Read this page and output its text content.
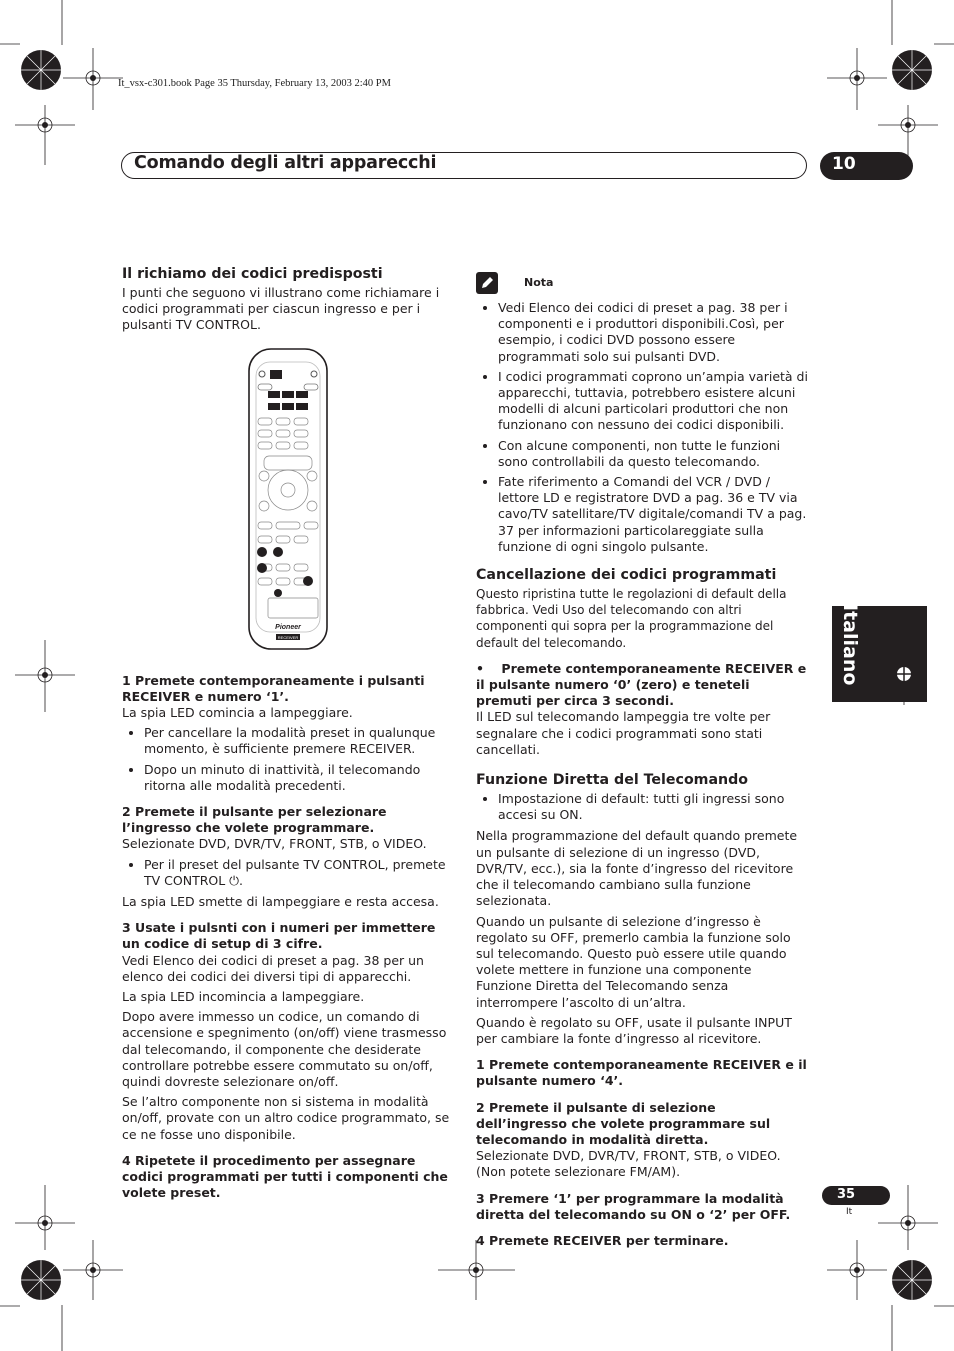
It_vsx-c301.book Page 35 Thursday, February 13, 2003 2:40 PM
Comando degli altri apparecchi	10
Italiano
Il richiamo dei codici predisposti

I punti che seguono vi illustrano come richiamare i codici programmati per ciascun ingresso e per i pulsanti TV CONTROL.

Pioneer
RECEIVER

1 Premete contemporaneamente i pulsanti RECEIVER e numero ‘1’.

La spia LED comincia a lampeggiare.

• Per cancellare la modalità preset in qualunque momento, è sufficiente premere RECEIVER.
• Dopo un minuto di inattività, il telecomando ritorna alle modalità precedenti.

2 Premete il pulsante per selezionare l’ingresso che volete programmare.

Selezionate DVD, DVR/TV, FRONT, STB, o VIDEO.

• Per il preset del pulsante TV CONTROL, premete TV CONTROL ⏻.

La spia LED smette di lampeggiare e resta accesa.

3 Usate i pulsnti con i numeri per immettere un codice di setup di 3 cifre.

Vedi Elenco dei codici di preset a pag. 38 per un elenco dei codici dei diversi tipi di apparecchi.

La spia LED incomincia a lampeggiare.

Dopo avere immesso un codice, un comando di accensione e spegnimento (on/off) viene trasmesso dal telecomando, il componente che desiderate controllare potrebbe essere commutato su on/off, quindi dovreste selezionare on/off.

Se l’altro componente non si sistema in modalità on/off, provate con un altro codice programmato, se ce ne fosse uno disponibile.

4 Ripetete il procedimento per assegnare codici programmati per tutti i componenti che volete preset.

Nota
• Vedi Elenco dei codici di preset a pag. 38 per i componenti e i produttori disponibili.Così, per esempio, i codici DVD possono essere programmati solo sui pulsanti DVD.
• I codici programmati coprono un’ampia varietà di apparecchi, tuttavia, potrebbero esistere alcuni modelli di alcuni particolari produttori che non funzionano con nessuno dei codici disponibili.
• Con alcune componenti, non tutte le funzioni sono controllabili da questo telecomando.
• Fate riferimento a Comandi del VCR / DVD / lettore LD e registratore DVD a pag. 36 e TV via cavo/TV satellitare/TV digitale/comandi TV a pag. 37 per informazioni particolareggiate sulla funzione di ogni singolo pulsante.
Cancellazione dei codici programmati

Questo ripristina tutte le regolazioni di default della fabbrica. Vedi Uso del telecomando con altri componenti qui sopra per la programmazione del default del telecomando.

•    Premete contemporaneamente RECEIVER e il pulsante numero ‘0’ (zero) e teneteli premuti per circa 3 secondi.

Il LED sul telecomando lampeggia tre volte per segnalare che i codici programmati sono stati cancellati.

Funzione Diretta del Telecomando
• Impostazione di default: tutti gli ingressi sono accesi su ON.

Nella programmazione del default quando premete un pulsante di selezione di un ingresso (DVD, DVR/TV, ecc.), sia la fonte d’ingresso del ricevitore che il telecomando cambiano sulla funzione selezionata.

Quando un pulsante di selezione d’ingresso è regolato su OFF, premerlo cambia la funzione solo sul telecomando. Questo può essere utile quando volete mettere in funzione una componente Funzione Diretta del Telecomando senza interrompere l’ascolto di un’altra.

Quando è regolato su OFF, usate il pulsante INPUT per cambiare la fonte d’ingresso al ricevitore.

1 Premete contemporaneamente RECEIVER e il pulsante numero ‘4’.

2 Premete il pulsante di selezione dell’ingresso che volete programmare sul telecomando in modalità diretta.

Selezionate DVD, DVR/TV, FRONT, STB, o VIDEO. (Non potete selezionare FM/AM).

3 Premere ‘1’ per programmare la modalità diretta del telecomando su ON o ‘2’ per OFF.

4 Premete RECEIVER per terminare.

35
It
